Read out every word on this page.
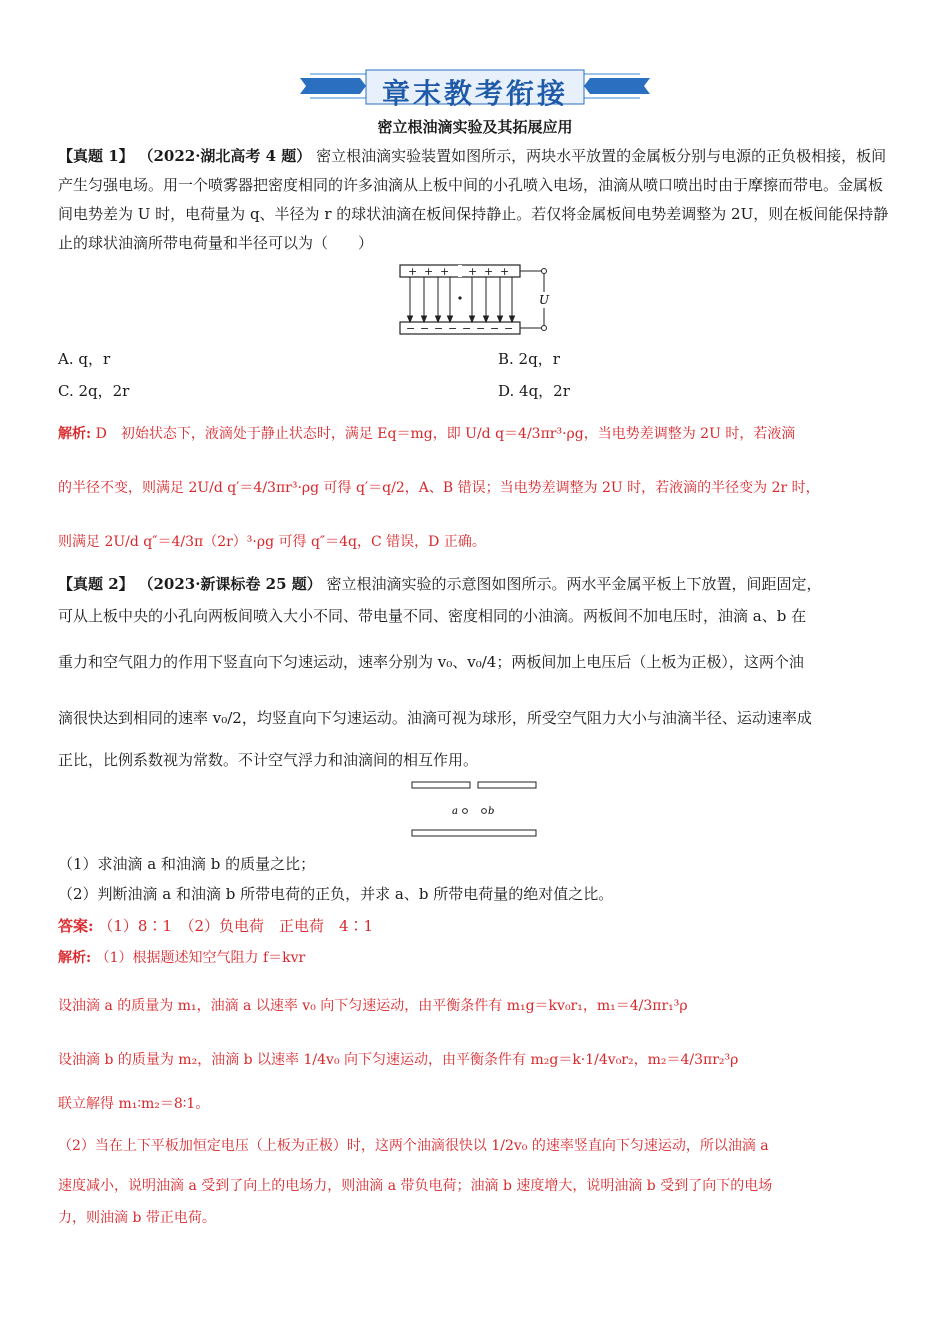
章末教考衔接
密立根油滴实验及其拓展应用
【真题 1】 （2022·湖北高考 4 题） 密立根油滴实验装置如图所示，两块水平放置的金属板分别与电源的正负极相接，板间产生匀强电场。用一个喷雾器把密度相同的许多油滴从上板中间的小孔喷入电场，油滴从喷口喷出时由于摩擦而带电。金属板间电势差为 U 时，电荷量为 q、半径为 r 的球状油滴在板间保持静止。若仅将金属板间电势差调整为 2U，则在板间能保持静止的球状油滴所带电荷量和半径可以为（　　）
+ + + + + +
− − − − − − − −
U
A. q，r	B. 2q，r
C. 2q，2r	D. 4q，2r
解析: D　初始状态下，液滴处于静止状态时，满足 Eq＝mg，即 U/d q＝4/3πr³·ρg，当电势差调整为 2U 时，若液滴
的半径不变，则满足 2U/d q′＝4/3πr³·ρg 可得 q′＝q/2，A、B 错误；当电势差调整为 2U 时，若液滴的半径变为 2r 时，
则满足 2U/d q″＝4/3π（2r）³·ρg 可得 q″＝4q，C 错误，D 正确。
【真题 2】 （2023·新课标卷 25 题） 密立根油滴实验的示意图如图所示。两水平金属平板上下放置，间距固定，
可从上板中央的小孔向两板间喷入大小不同、带电量不同、密度相同的小油滴。两板间不加电压时，油滴 a、b 在
重力和空气阻力的作用下竖直向下匀速运动，速率分别为 v₀、v₀/4；两板间加上电压后（上板为正极），这两个油
滴很快达到相同的速率 v₀/2，均竖直向下匀速运动。油滴可视为球形，所受空气阻力大小与油滴半径、运动速率成
正比，比例系数视为常数。不计空气浮力和油滴间的相互作用。
a	b
（1）求油滴 a 和油滴 b 的质量之比；
（2）判断油滴 a 和油滴 b 所带电荷的正负，并求 a、b 所带电荷量的绝对值之比。
答案: （1）8∶1　（2）负电荷　正电荷　4∶1
解析: （1）根据题述知空气阻力 f＝kvr
设油滴 a 的质量为 m₁，油滴 a 以速率 v₀ 向下匀速运动，由平衡条件有 m₁g＝kv₀r₁，m₁＝4/3πr₁³ρ
设油滴 b 的质量为 m₂，油滴 b 以速率 1/4v₀ 向下匀速运动，由平衡条件有 m₂g＝k·1/4v₀r₂，m₂＝4/3πr₂³ρ
联立解得 m₁∶m₂＝8∶1。
（2）当在上下平板加恒定电压（上板为正极）时，这两个油滴很快以 1/2v₀ 的速率竖直向下匀速运动，所以油滴 a
速度减小，说明油滴 a 受到了向上的电场力，则油滴 a 带负电荷；油滴 b 速度增大，说明油滴 b 受到了向下的电场
力，则油滴 b 带正电荷。
